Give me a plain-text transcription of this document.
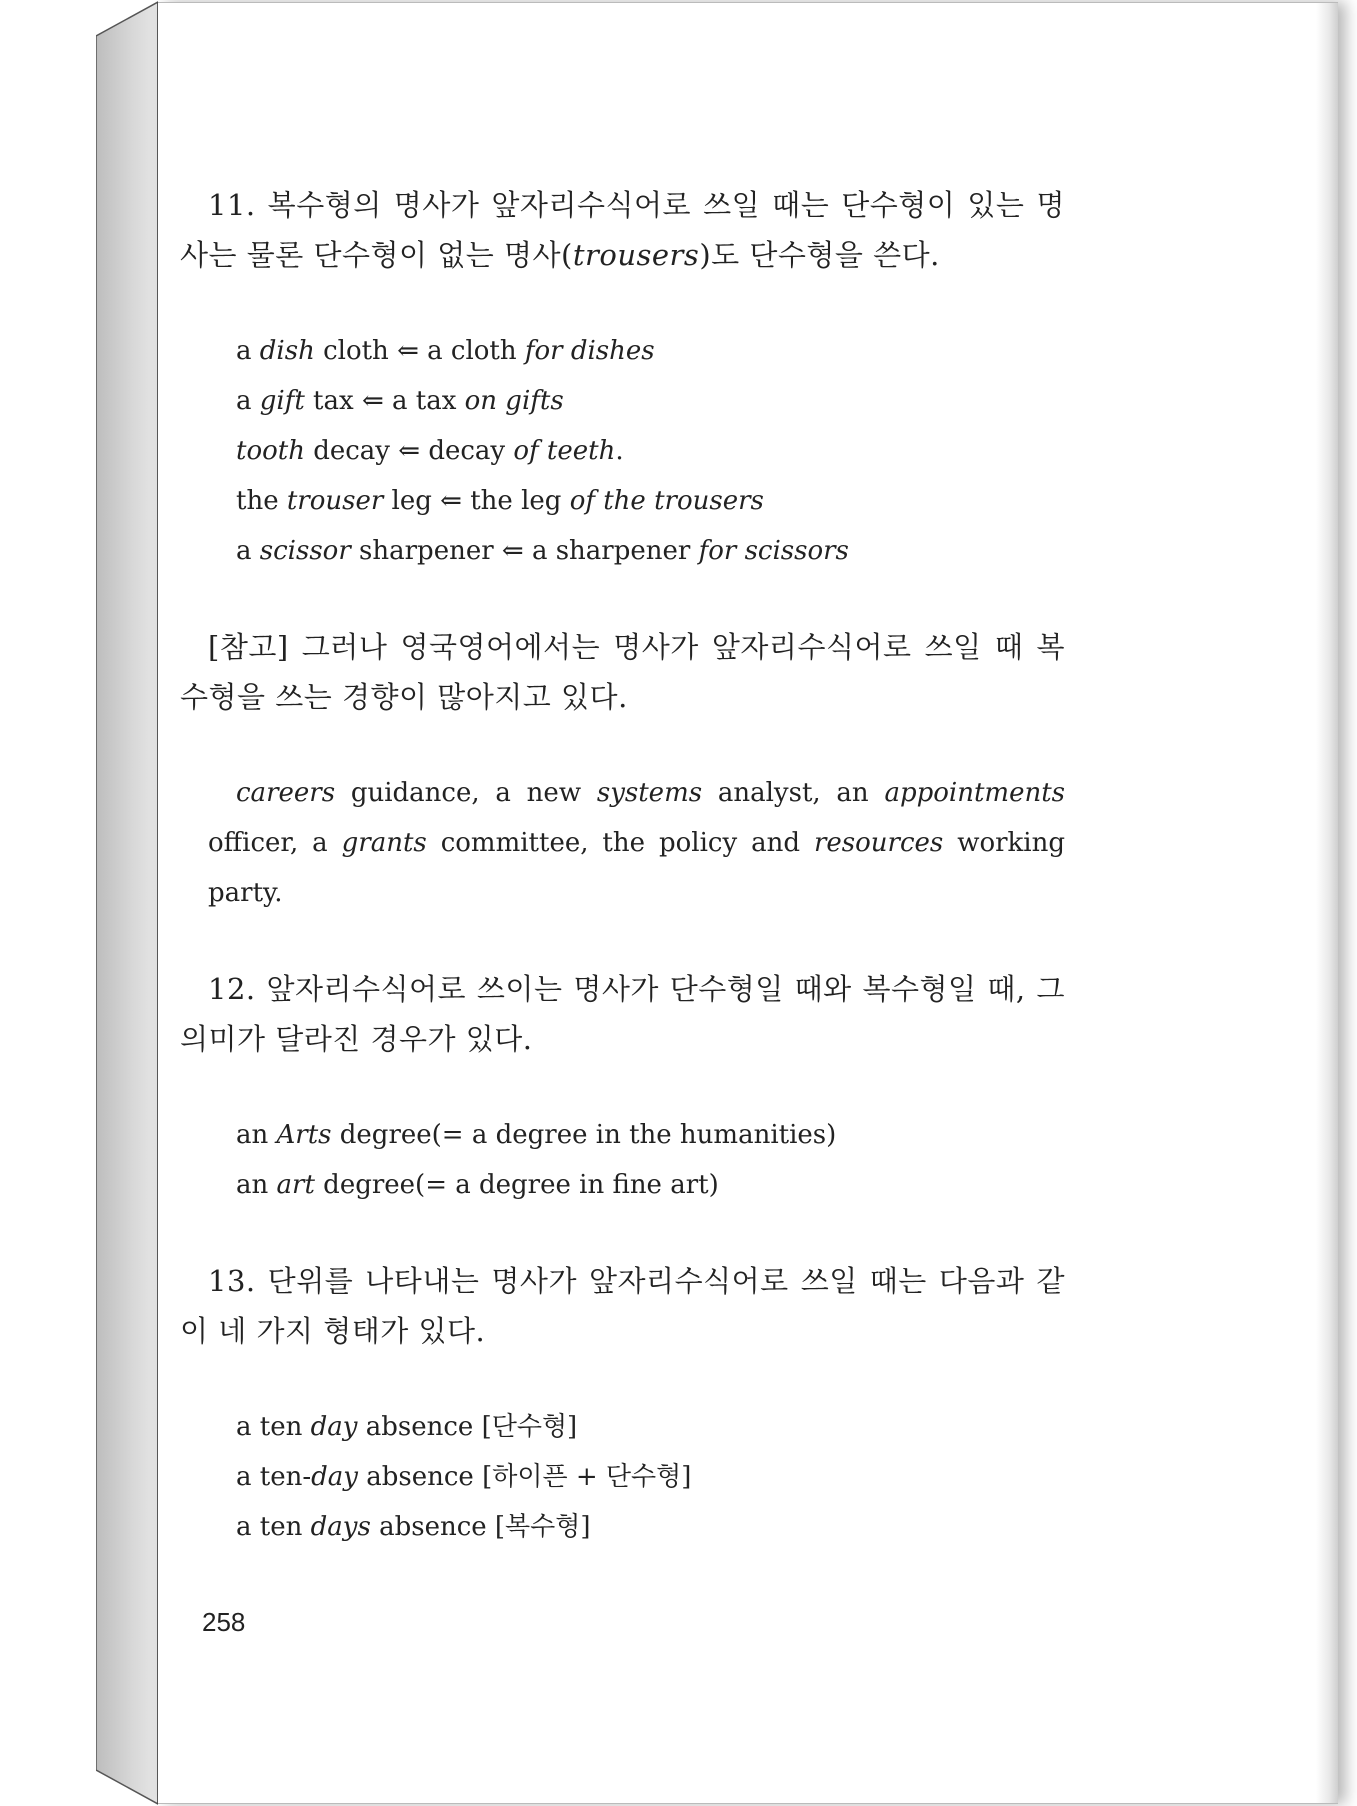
11. 복수형의 명사가 앞자리수식어로 쓰일 때는 단수형이 있는 명사는 물론 단수형이 없는 명사(trousers)도 단수형을 쓴다.

a dish cloth ⇐ a cloth for dishes
a gift tax ⇐ a tax on gifts
tooth decay ⇐ decay of teeth.
the trouser leg ⇐ the leg of the trousers
a scissor sharpener ⇐ a sharpener for scissors

[참고] 그러나 영국영어에서는 명사가 앞자리수식어로 쓰일 때 복수형을 쓰는 경향이 많아지고 있다.

careers guidance, a new systems analyst, an appointments officer, a grants committee, the policy and resources working party.

12. 앞자리수식어로 쓰이는 명사가 단수형일 때와 복수형일 때, 그 의미가 달라진 경우가 있다.

an Arts degree(= a degree in the humanities)
an art degree(= a degree in fine art)

13. 단위를 나타내는 명사가 앞자리수식어로 쓰일 때는 다음과 같이 네 가지 형태가 있다.

a ten day absence [단수형]
a ten-day absence [하이픈 + 단수형]
a ten days absence [복수형]
258
